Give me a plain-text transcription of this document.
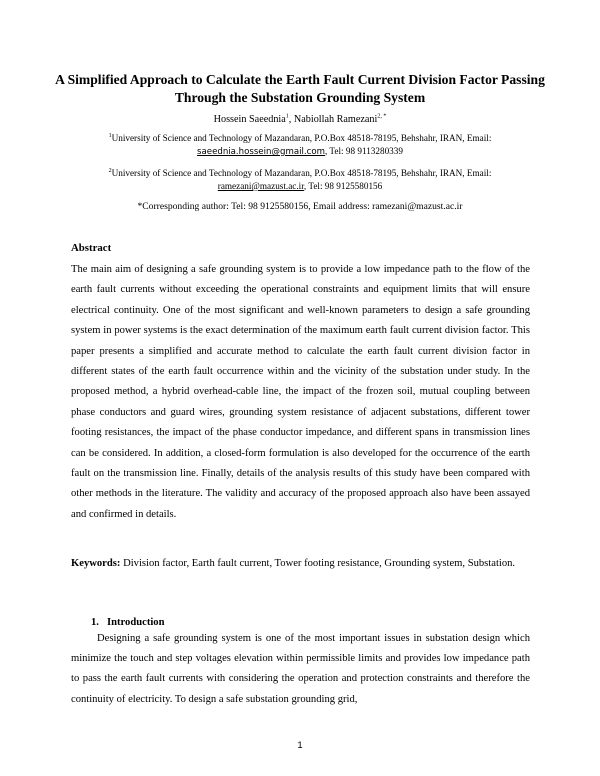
A Simplified Approach to Calculate the Earth Fault Current Division Factor Passing Through the Substation Grounding System
Hossein Saeednia$^1$, Nabiollah Ramezani$^{2, *}$
$^1$University of Science and Technology of Mazandaran, P.O.Box 48518-78195, Behshahr, IRAN, Email: saeednia.hossein@gmail.com, Tel: 98 9113280339
$^2$University of Science and Technology of Mazandaran, P.O.Box 48518-78195, Behshahr, IRAN, Email: ramezani@mazust.ac.ir, Tel: 98 9125580156
*Corresponding author: Tel: 98 9125580156, Email address: ramezani@mazust.ac.ir
Abstract
The main aim of designing a safe grounding system is to provide a low impedance path to the flow of the earth fault currents without exceeding the operational constraints and equipment limits that will ensure electrical continuity. One of the most significant and well-known parameters to design a safe grounding system in power systems is the exact determination of the maximum earth fault current division factor. This paper presents a simplified and accurate method to calculate the earth fault current division factor in different states of the earth fault occurrence within and the vicinity of the substation under study. In the proposed method, a hybrid overhead-cable line, the impact of the frozen soil, mutual coupling between phase conductors and guard wires, grounding system resistance of adjacent substations, different tower footing resistances, the impact of the phase conductor impedance, and different spans in transmission lines can be considered. In addition, a closed-form formulation is also developed for the occurrence of the earth fault on the transmission line. Finally, details of the analysis results of this study have been compared with other methods in the literature. The validity and accuracy of the proposed approach also have been assayed and confirmed in details.
Keywords: Division factor, Earth fault current, Tower footing resistance, Grounding system, Substation.
1. Introduction
Designing a safe grounding system is one of the most important issues in substation design which minimize the touch and step voltages elevation within permissible limits and provides low impedance path to pass the earth fault currents with considering the operation and protection constraints and therefore the continuity of electricity. To design a safe substation grounding grid,
1
